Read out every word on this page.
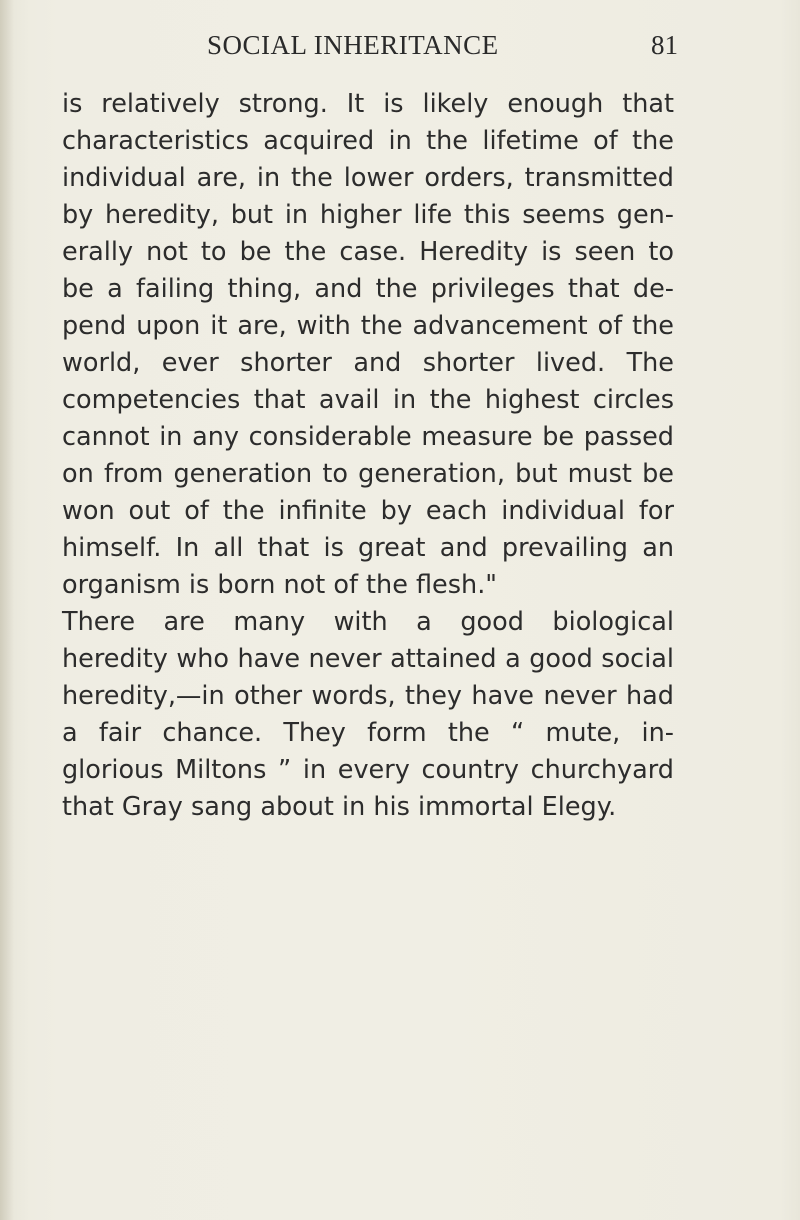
SOCIAL INHERITANCE	81
is relatively strong. It is likely enough that
characteristics acquired in the lifetime of the
individual are, in the lower orders, transmitted
by heredity, but in higher life this seems gen-
erally not to be the case. Heredity is seen to
be a failing thing, and the privileges that de-
pend upon it are, with the advancement of the
world, ever shorter and shorter lived. The
competencies that avail in the highest circles
cannot in any considerable measure be passed
on from generation to generation, but must be
won out of the infinite by each individual for
himself. In all that is great and prevailing an
organism is born not of the flesh."
There are many with a good biological
heredity who have never attained a good social
heredity,—in other words, they have never had
a fair chance. They form the “ mute, in-
glorious Miltons ” in every country churchyard
that Gray sang about in his immortal Elegy.
